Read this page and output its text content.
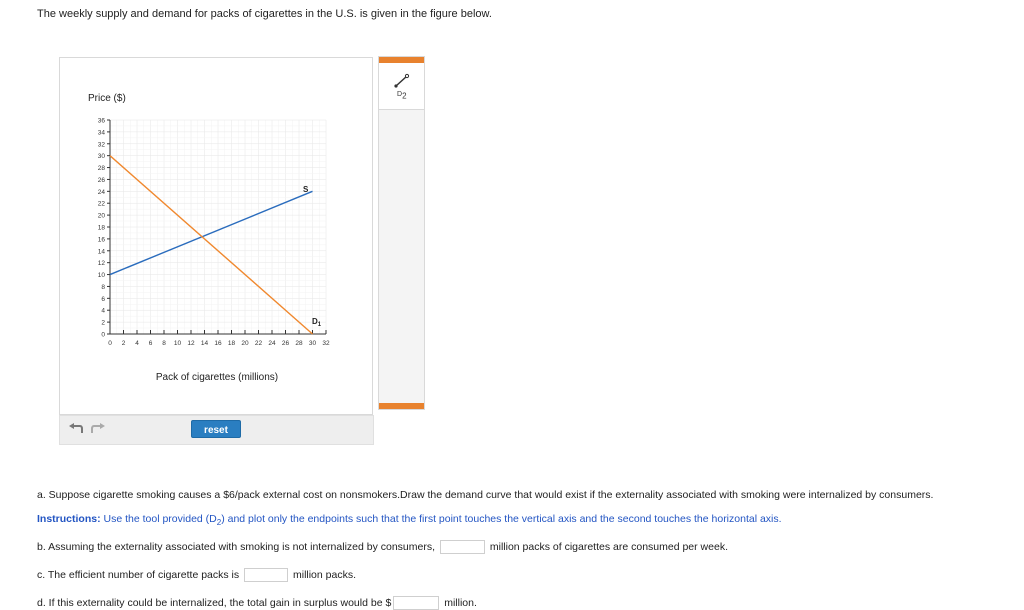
The weekly supply and demand for packs of cigarettes in the U.S. is given in the figure below.
0
2
4
6
8
10
12
14
16
18
20
22
24
26
28
30
32
34
36
0 2 4 6 8 10 12 14 16 18 20 22 24 26 28 30 32
Price ($)
Pack of cigarettes (millions)
S
$D_1$
$D_2$
reset
a. Suppose cigarette smoking causes a $6/pack external cost on nonsmokers.Draw the demand curve that would exist if the externality associated with smoking were internalized by consumers.
Instructions: Use the tool provided $(D_2)$ and plot only the endpoints such that the first point touches the vertical axis and the second touches the horizontal axis.
b. Assuming the externality associated with smoking is not internalized by consumers,	million packs of cigarettes are consumed per week.
c. The efficient number of cigarette packs is	million packs.
d. If this externality could be internalized, the total gain in surplus would be $	million.
